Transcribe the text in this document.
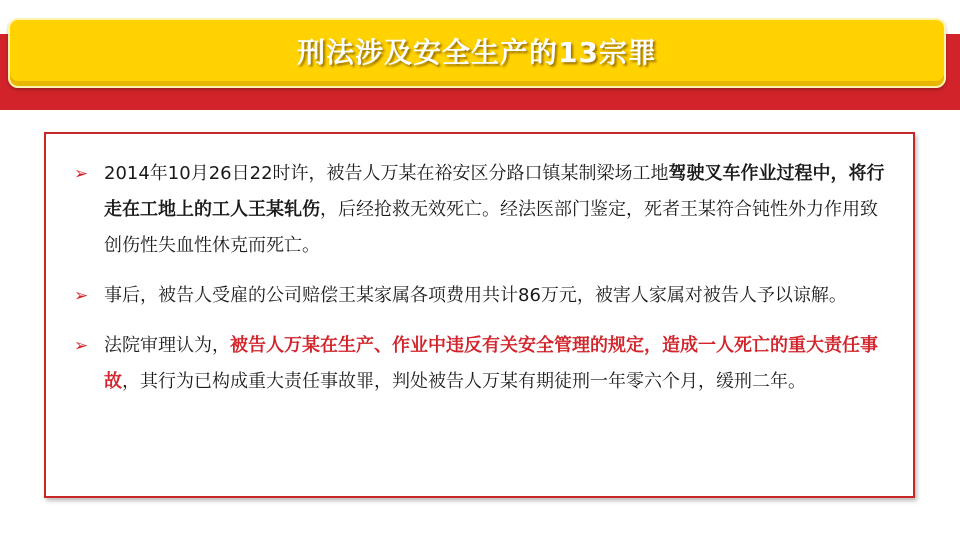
刑法涉及安全生产的13宗罪
➢ 2014年10月26日22时许，被告人万某在裕安区分路口镇某制梁场工地驾驶叉车作业过程中，将行走在工地上的工人王某轧伤，后经抢救无效死亡。经法医部门鉴定，死者王某符合钝性外力作用致创伤性失血性休克而死亡。
➢ 事后，被告人受雇的公司赔偿王某家属各项费用共计86万元，被害人家属对被告人予以谅解。
➢ 法院审理认为，被告人万某在生产、作业中违反有关安全管理的规定，造成一人死亡的重大责任事故，其行为已构成重大责任事故罪，判处被告人万某有期徒刑一年零六个月，缓刑二年。
